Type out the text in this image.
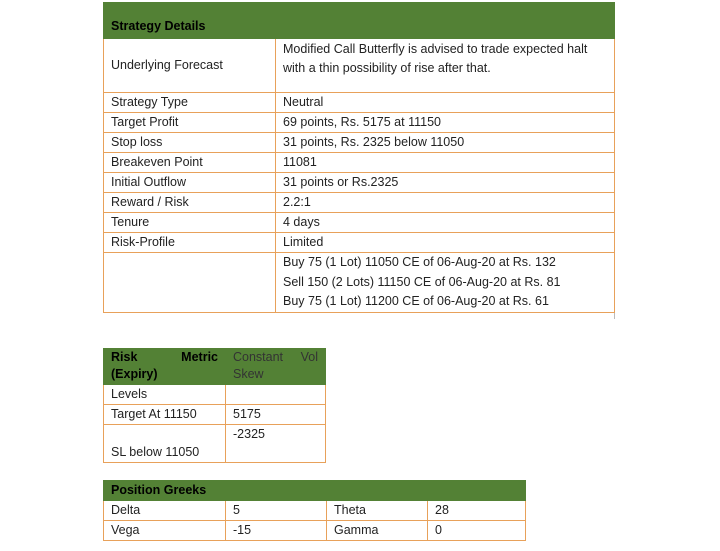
Strategy Details	
Underlying Forecast	Modified Call Butterfly is advised to trade expected halt with a thin possibility of rise after that.
Strategy Type	Neutral
Target Profit	69 points, Rs. 5175 at 11150
Stop loss	31 points, Rs. 2325 below 11050
Breakeven Point	11081
Initial Outflow	31 points or Rs.2325
Reward / Risk	2.2:1
Tenure	4 days
Risk-Profile	Limited

	Buy 75 (1 Lot) 11050 CE of 06-Aug-20 at Rs. 132
Sell 150 (2 Lots) 11150 CE of 06-Aug-20 at Rs. 81
Buy 75 (1 Lot) 11200 CE of 06-Aug-20 at Rs. 61
Risk Metric (Expiry)	Constant Vol
Skew

Levels	
Target At 11150	5175
SL below 11050	-2325
Position Greeks			
Delta	5	Theta	28
Vega	-15	Gamma	0
